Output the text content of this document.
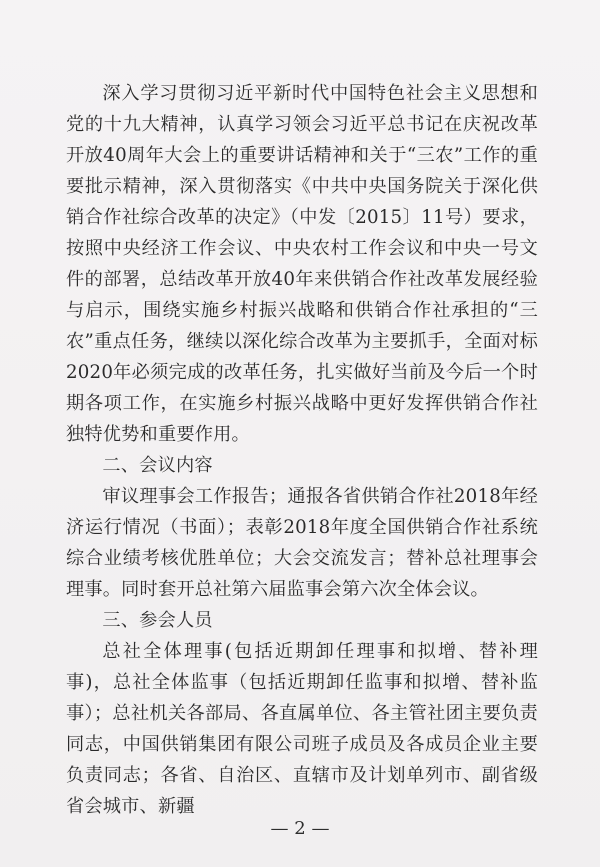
深入学习贯彻习近平新时代中国特色社会主义思想和党的十九大精神，认真学习领会习近平总书记在庆祝改革开放40周年大会上的重要讲话精神和关于“三农”工作的重要批示精神，深入贯彻落实《中共中央国务院关于深化供销合作社综合改革的决定》（中发〔2015〕11号）要求，按照中央经济工作会议、中央农村工作会议和中央一号文件的部署，总结改革开放40年来供销合作社改革发展经验与启示，围绕实施乡村振兴战略和供销合作社承担的“三农”重点任务，继续以深化综合改革为主要抓手，全面对标2020年必须完成的改革任务，扎实做好当前及今后一个时期各项工作，在实施乡村振兴战略中更好发挥供销合作社独特优势和重要作用。

二、会议内容

审议理事会工作报告；通报各省供销合作社2018年经济运行情况（书面）；表彰2018年度全国供销合作社系统综合业绩考核优胜单位；大会交流发言；替补总社理事会理事。同时套开总社第六届监事会第六次全体会议。

三、参会人员

总社全体理事(包括近期卸任理事和拟增、替补理事)，总社全体监事（包括近期卸任监事和拟增、替补监事）；总社机关各部局、各直属单位、各主管社团主要负责同志，中国供销集团有限公司班子成员及各成员企业主要负责同志；各省、自治区、直辖市及计划单列市、副省级省会城市、新疆

— 2 —
